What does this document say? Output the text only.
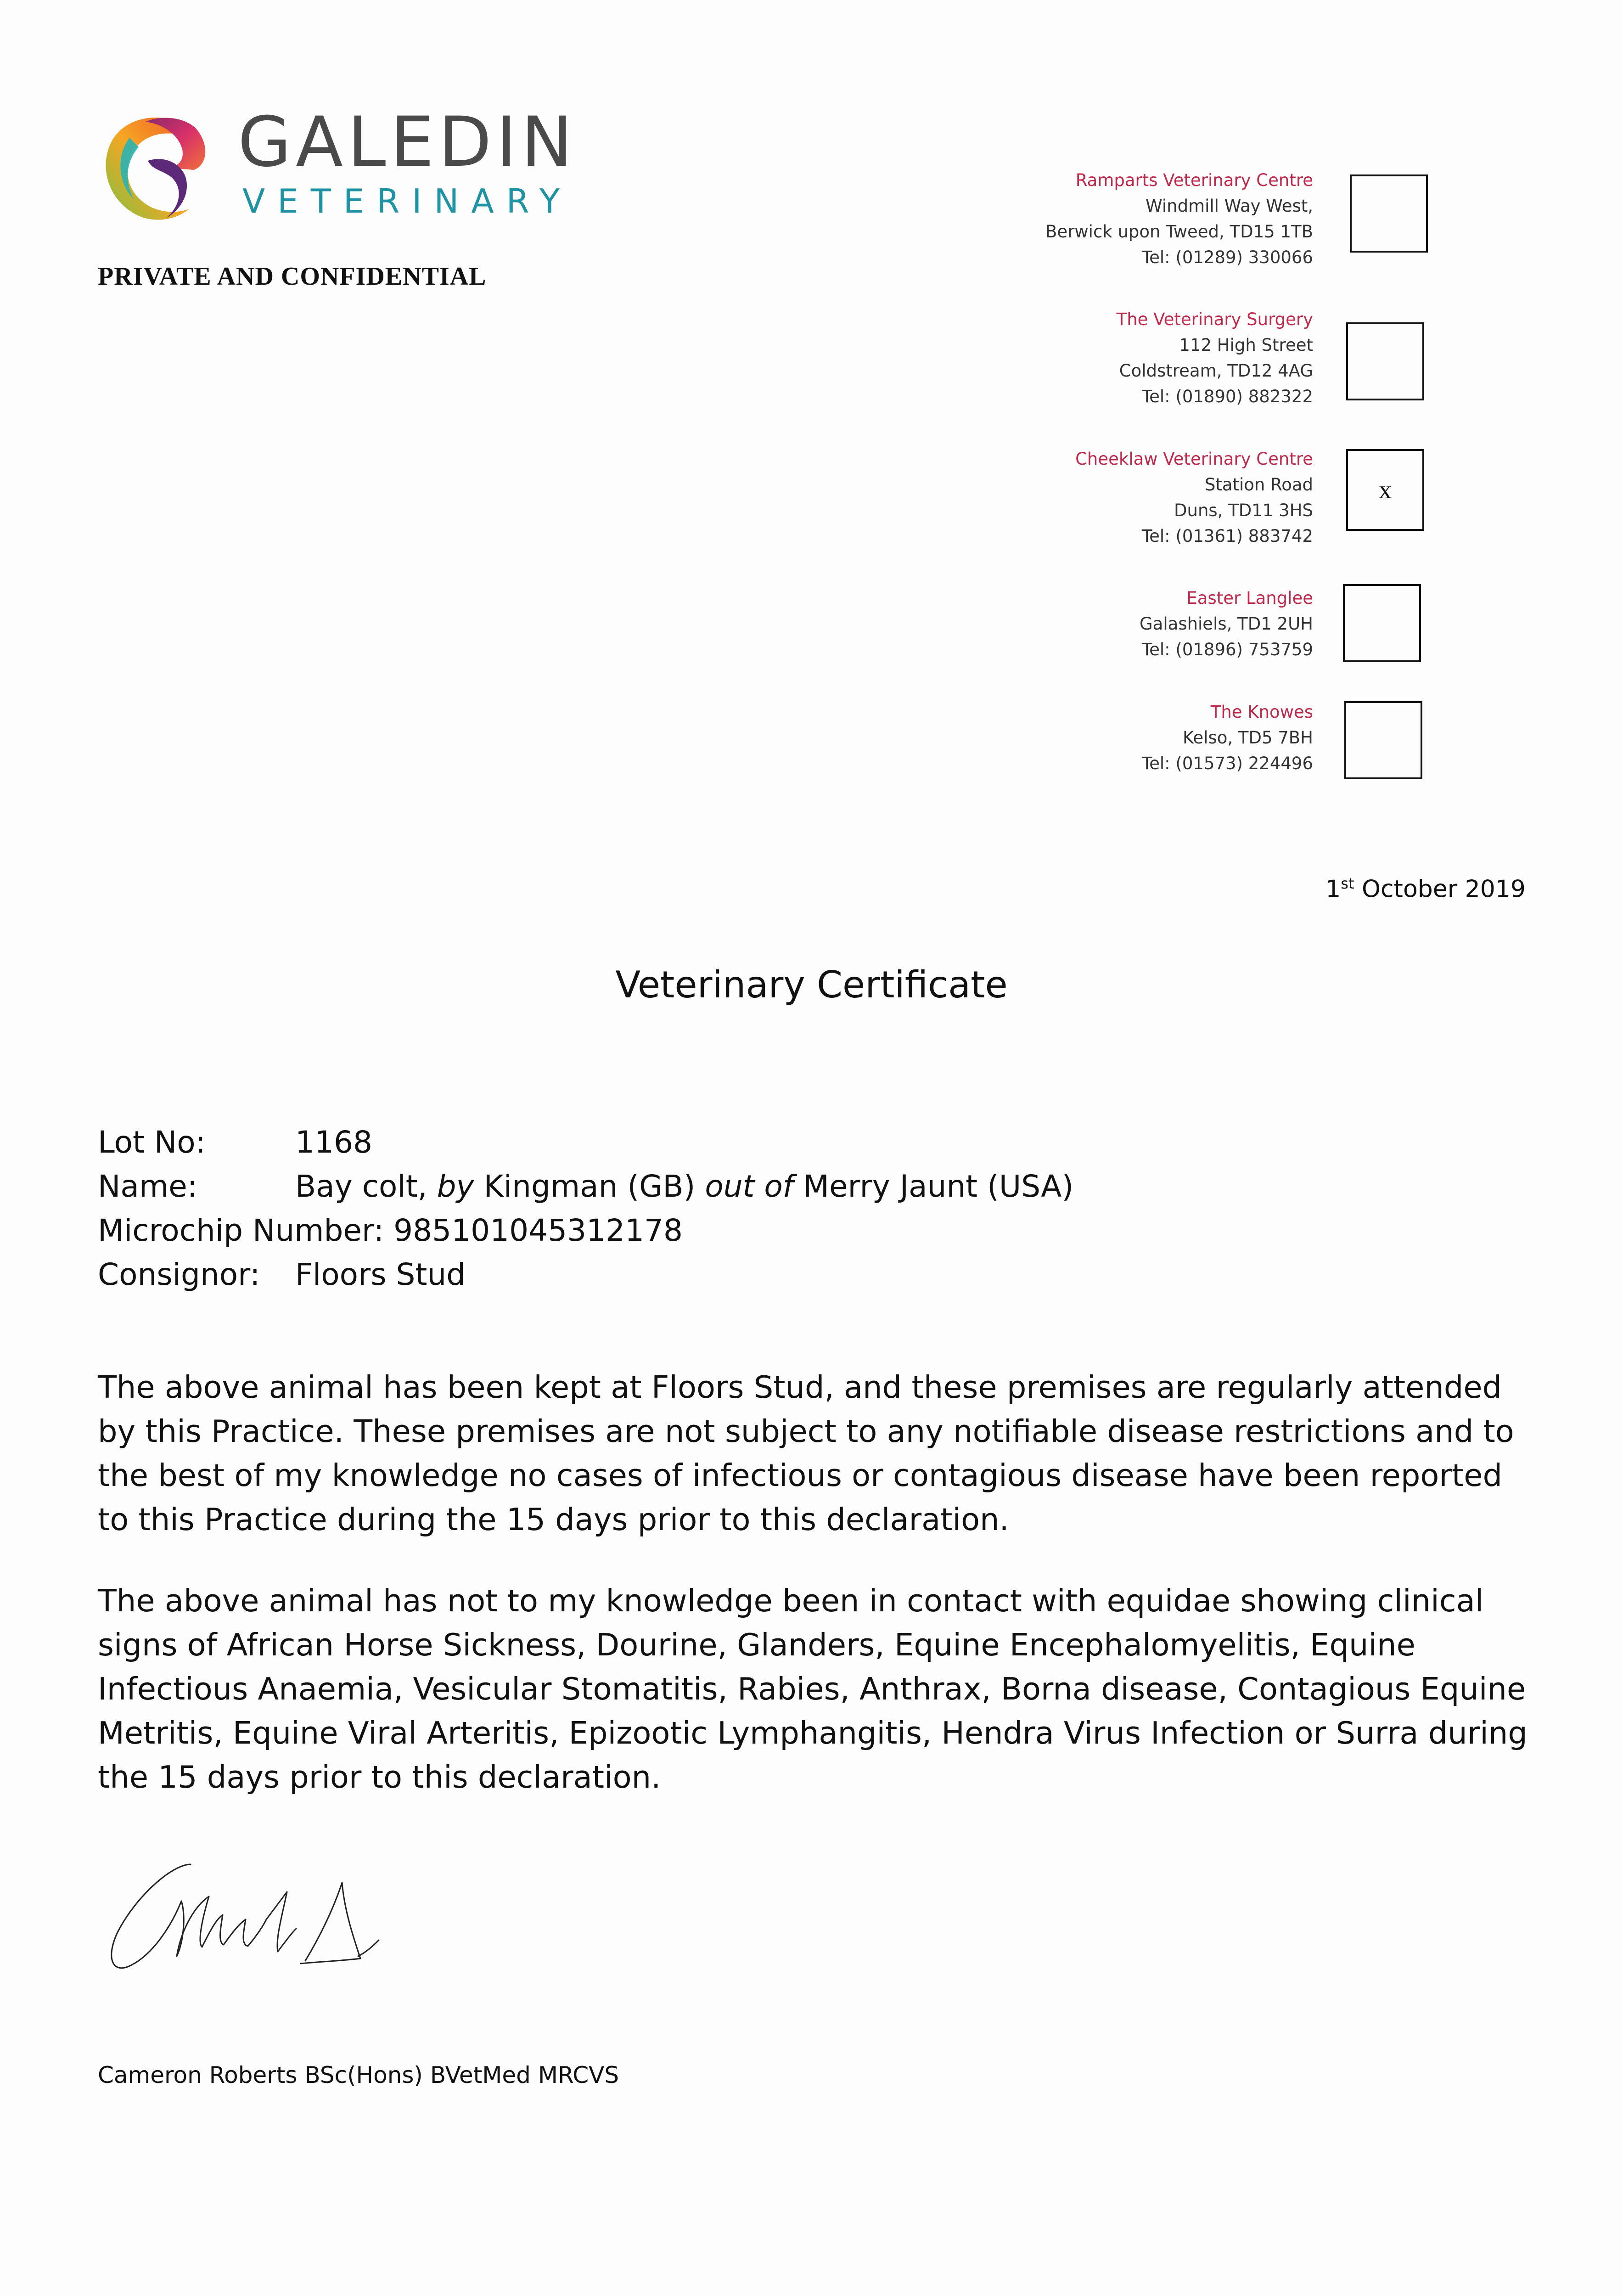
GALEDIN
VETERINARY
PRIVATE AND CONFIDENTIAL
Ramparts Veterinary Centre
Windmill Way West,
Berwick upon Tweed, TD15 1TB
Tel: (01289) 330066
The Veterinary Surgery
112 High Street
Coldstream, TD12 4AG
Tel: (01890) 882322
Cheeklaw Veterinary Centre
Station Road
Duns, TD11 3HS
Tel: (01361) 883742
x
Easter Langlee
Galashiels, TD1 2UH
Tel: (01896) 753759
The Knowes
Kelso, TD5 7BH
Tel: (01573) 224496
1st October 2019
Veterinary Certificate
Lot No:	1168
Name:	Bay colt, by Kingman (GB) out of Merry Jaunt (USA)
Microchip Number: 985101045312178
Consignor: Floors Stud
The above animal has been kept at Floors Stud, and these premises are regularly attended by this Practice. These premises are not subject to any notifiable disease restrictions and to the best of my knowledge no cases of infectious or contagious disease have been reported to this Practice during the 15 days prior to this declaration.
The above animal has not to my knowledge been in contact with equidae showing clinical signs of African Horse Sickness, Dourine, Glanders, Equine Encephalomyelitis, Equine Infectious Anaemia, Vesicular Stomatitis, Rabies, Anthrax, Borna disease, Contagious Equine Metritis, Equine Viral Arteritis, Epizootic Lymphangitis, Hendra Virus Infection or Surra during the 15 days prior to this declaration.
Cameron Roberts BSc(Hons) BVetMed MRCVS
